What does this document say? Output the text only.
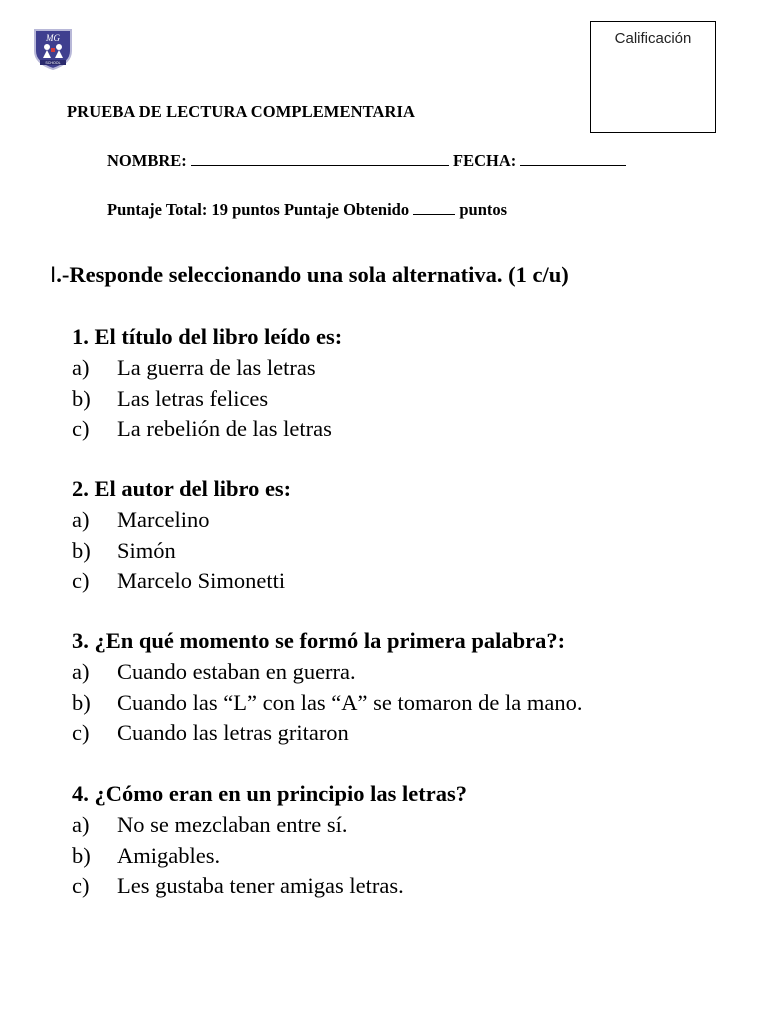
MG
SCHOOL
Calificación
PRUEBA DE LECTURA COMPLEMENTARIA
NOMBRE:	FECHA:
Puntaje Total: 19 puntos Puntaje Obtenido	puntos
I.-Responde seleccionando una sola alternativa. (1 c/u)
1. El título del libro leído es:
a) La guerra de las letras
b) Las letras felices
c) La rebelión de las letras
2. El autor del libro es:
a) Marcelino
b) Simón
c) Marcelo Simonetti
3. ¿En qué momento se formó la primera palabra?:
a) Cuando estaban en guerra.
b) Cuando las “L” con las “A” se tomaron de la mano.
c) Cuando las letras gritaron
4. ¿Cómo eran en un principio las letras?
a) No se mezclaban entre sí.
b) Amigables.
c) Les gustaba tener amigas letras.
